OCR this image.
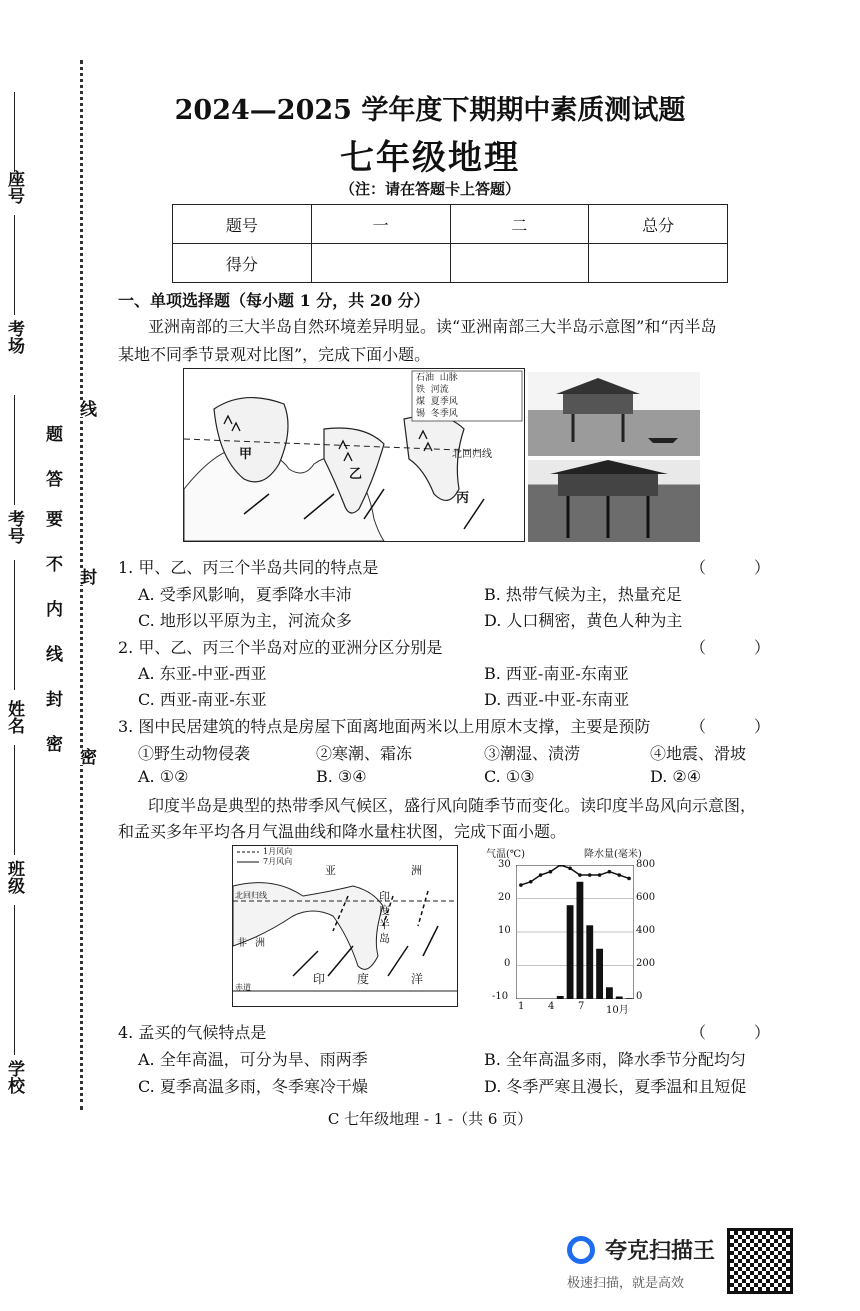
座号
考场
考号
姓名
班级
学校
密
封
线
内
不
要
答
题
密
封
线
2024—2025 学年度下期期中素质测试题
七年级地理
（注：请在答题卡上答题）
题号	一	二	总分
得分			
一、单项选择题（每小题 1 分，共 20 分）
亚洲南部的三大半岛自然环境差异明显。读“亚洲南部三大半岛示意图”和“丙半岛
某地不同季节景观对比图”，完成下面小题。
石油 山脉
铁 河流
煤 夏季风
锡 冬季风
甲
乙
丙
北回归线
1. 甲、乙、丙三个半岛共同的特点是	（　　　）
A. 受季风影响，夏季降水丰沛	B. 热带气候为主，热量充足
C. 地形以平原为主，河流众多	D. 人口稠密，黄色人种为主
2. 甲、乙、丙三个半岛对应的亚洲分区分别是	（　　　）
A. 东亚-中亚-西亚	B. 西亚-南亚-东南亚
C. 西亚-南亚-东亚	D. 西亚-中亚-东南亚
3. 图中民居建筑的特点是房屋下面离地面两米以上用原木支撑，主要是预防 （　　　）
①野生动物侵袭	②寒潮、霜冻	③潮湿、渍涝	④地震、滑坡
A. ①②	B. ③④	C. ①③	D. ②④
印度半岛是典型的热带季风气候区，盛行风向随季节而变化。读印度半岛风向示意图，
和孟买多年平均各月气温曲线和降水量柱状图，完成下面小题。
1月风向
7月风向
亚	洲
北回归线	印
度
半
岛
非 洲
印	度	洋
赤道
气温(℃)	降水量(毫米)
30
20
10
0
-10
800
600
400
200
0
1 4 7 10月
4. 孟买的气候特点是	（　　　）
A. 全年高温，可分为旱、雨两季	B. 全年高温多雨，降水季节分配均匀
C. 夏季高温多雨，冬季寒冷干燥	D. 冬季严寒且漫长，夏季温和且短促
C 七年级地理 - 1 -（共 6 页）
夸克扫描王
极速扫描，就是高效
